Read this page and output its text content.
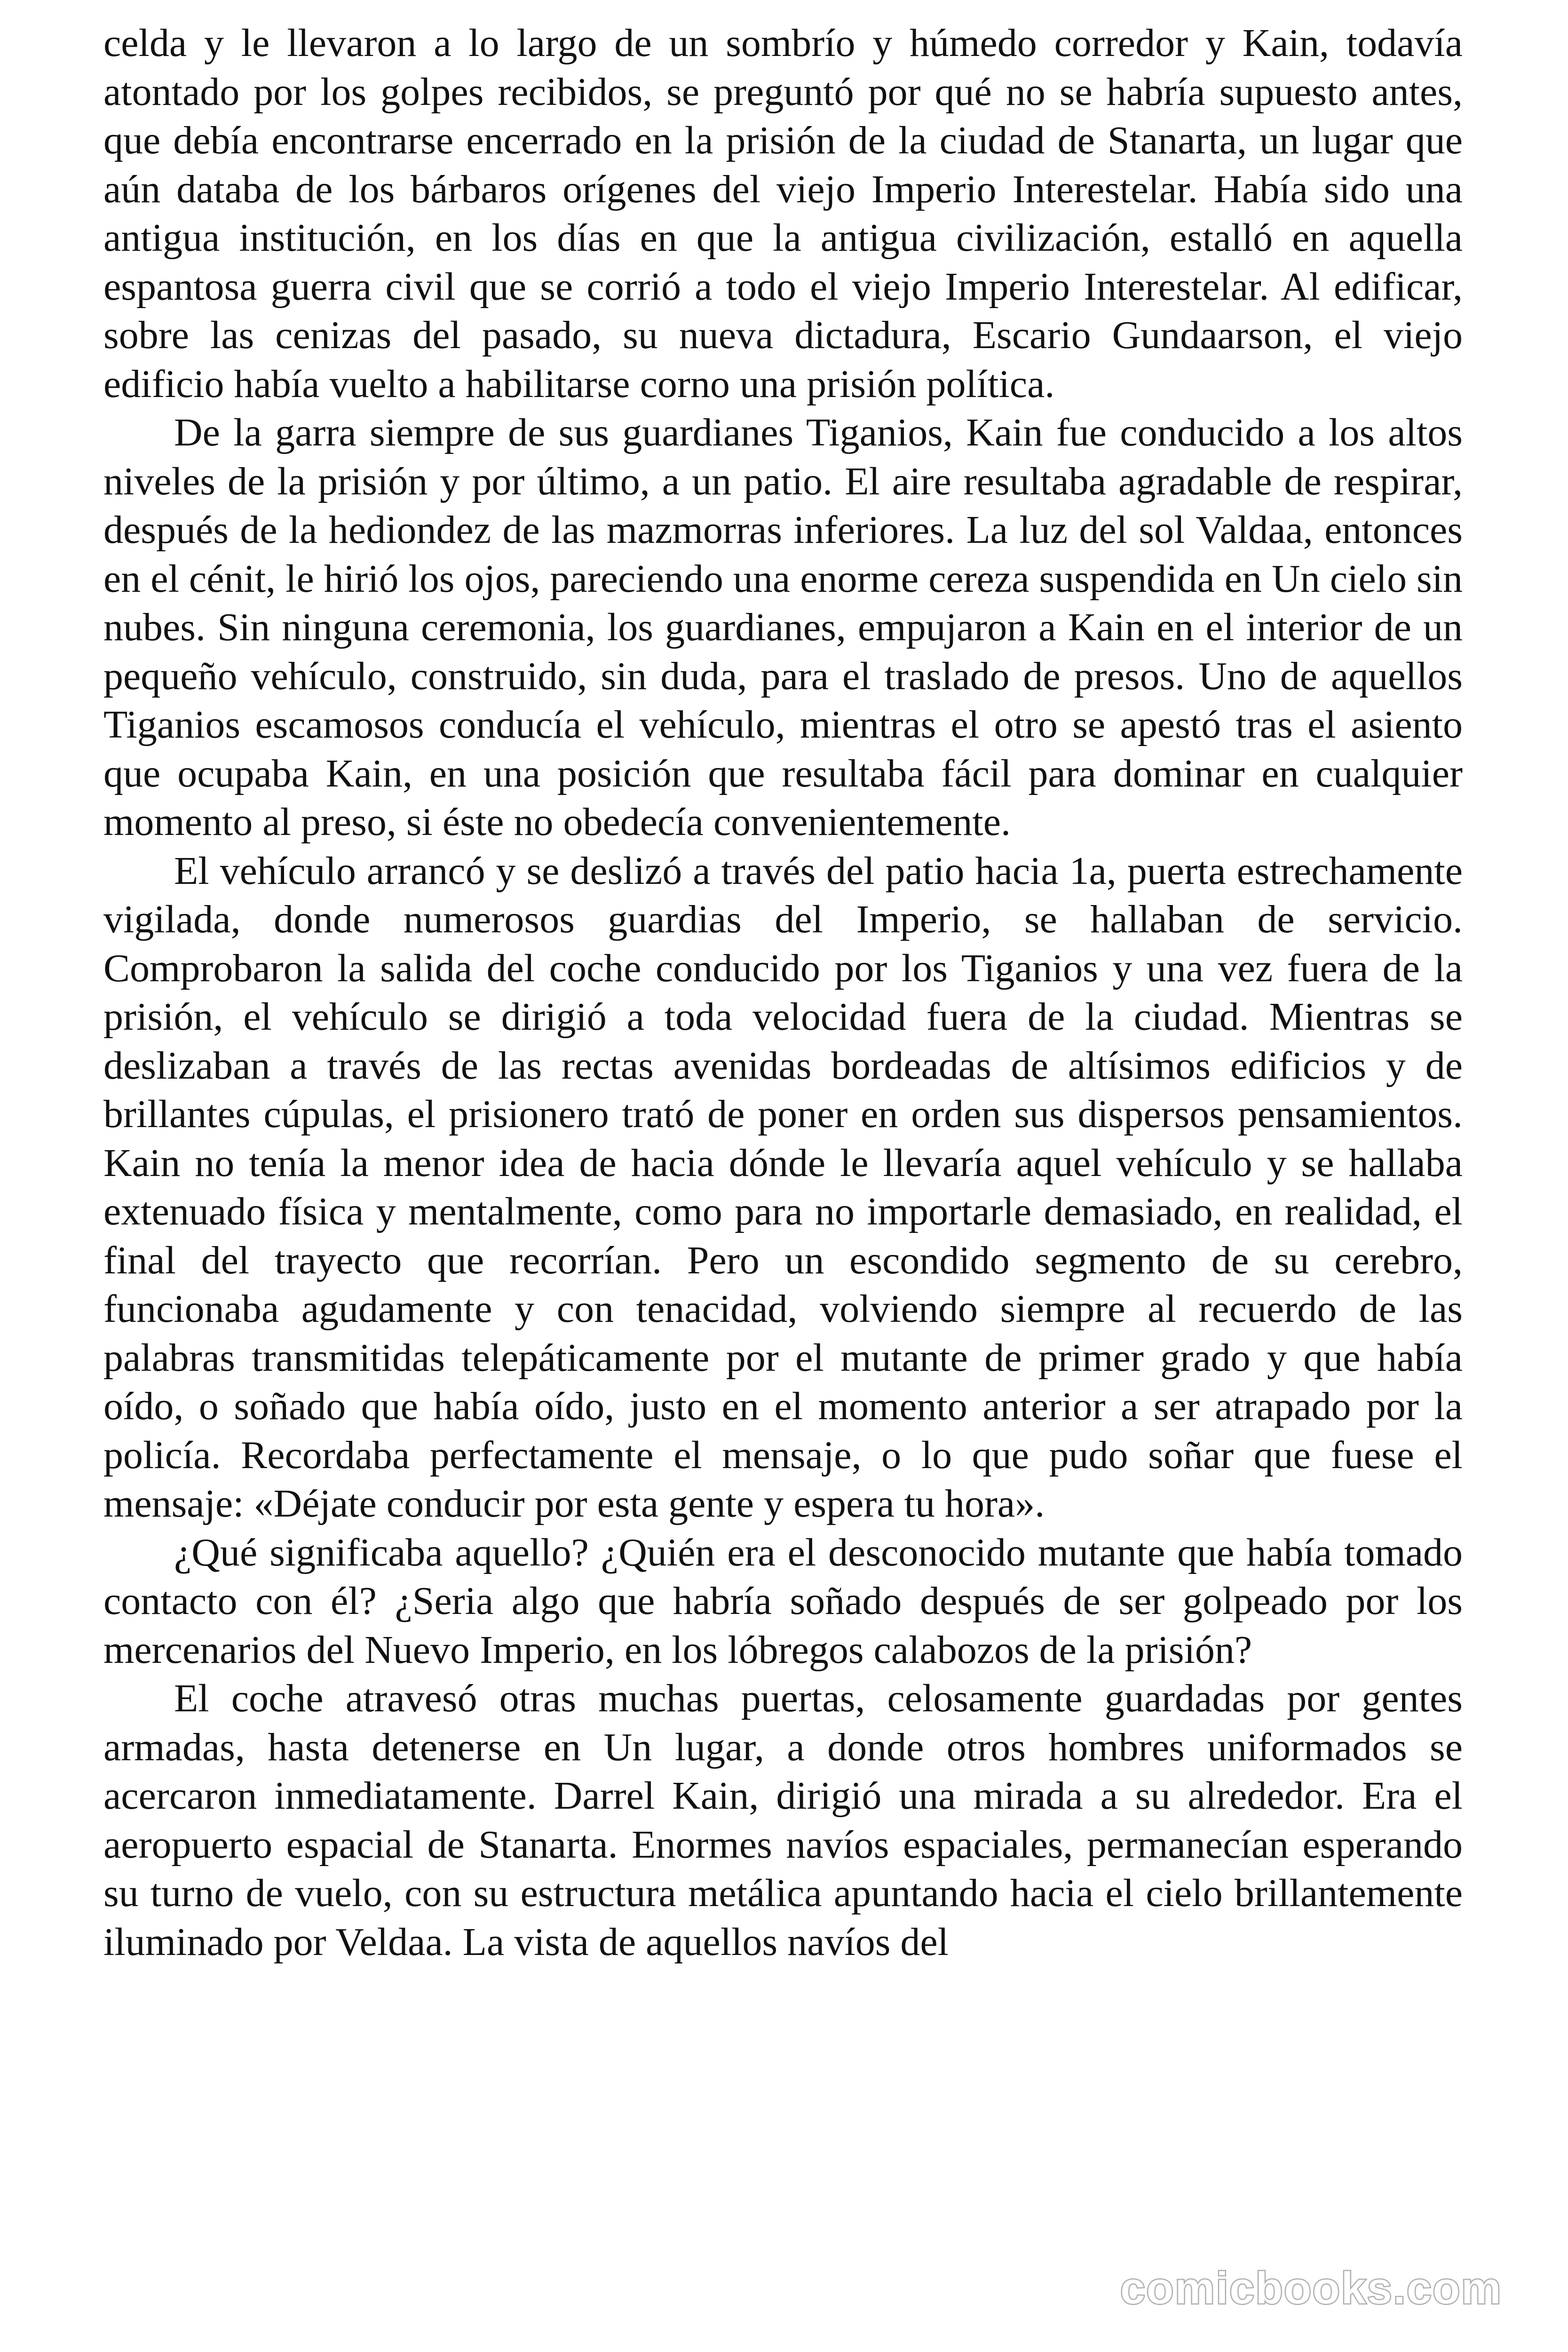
celda y le llevaron a lo largo de un sombrío y húmedo corredor y Kain, todavía atontado por los golpes recibidos, se preguntó por qué no se habría supuesto antes, que debía encontrarse encerrado en la prisión de la ciudad de Stanarta, un lugar que aún databa de los bárbaros orígenes del viejo Imperio Interestelar. Había sido una antigua institución, en los días en que la antigua civilización, estalló en aquella espantosa guerra civil que se corrió a todo el viejo Imperio Interestelar. Al edificar, sobre las cenizas del pasado, su nueva dictadura, Escario Gundaarson, el viejo edificio había vuelto a habilitarse corno una prisión política.

De la garra siempre de sus guardianes Tiganios, Kain fue conducido a los altos niveles de la prisión y por último, a un patio. El aire resultaba agradable de respirar, después de la hediondez de las mazmorras inferiores. La luz del sol Valdaa, entonces en el cénit, le hirió los ojos, pareciendo una enorme cereza suspendida en Un cielo sin nubes. Sin ninguna ceremonia, los guardianes, empujaron a Kain en el interior de un pequeño vehículo, construido, sin duda, para el traslado de presos. Uno de aquellos Tiganios escamosos conducía el vehículo, mientras el otro se apestó tras el asiento que ocupaba Kain, en una posición que resultaba fácil para dominar en cualquier momento al preso, si éste no obedecía convenientemente.

El vehículo arrancó y se deslizó a través del patio hacia 1a, puerta estrechamente vigilada, donde numerosos guardias del Imperio, se hallaban de servicio. Comprobaron la salida del coche conducido por los Tiganios y una vez fuera de la prisión, el vehículo se dirigió a toda velocidad fuera de la ciudad. Mientras se deslizaban a través de las rectas avenidas bordeadas de altísimos edificios y de brillantes cúpulas, el prisionero trató de poner en orden sus dispersos pensamientos. Kain no tenía la menor idea de hacia dónde le llevaría aquel vehículo y se hallaba extenuado física y mentalmente, como para no importarle demasiado, en realidad, el final del trayecto que recorrían. Pero un escondido segmento de su cerebro, funcionaba agudamente y con tenacidad, volviendo siempre al recuerdo de las palabras transmitidas telepáticamente por el mutante de primer grado y que había oído, o soñado que había oído, justo en el momento anterior a ser atrapado por la policía. Recordaba perfectamente el mensaje, o lo que pudo soñar que fuese el mensaje: «Déjate conducir por esta gente y espera tu hora».

¿Qué significaba aquello? ¿Quién era el desconocido mutante que había tomado contacto con él? ¿Seria algo que habría soñado después de ser golpeado por los mercenarios del Nuevo Imperio, en los lóbregos calabozos de la prisión?

El coche atravesó otras muchas puertas, celosamente guardadas por gentes armadas, hasta detenerse en Un lugar, a donde otros hombres uniformados se acercaron inmediatamente. Darrel Kain, dirigió una mirada a su alrededor. Era el aeropuerto espacial de Stanarta. Enormes navíos espaciales, permanecían esperando su turno de vuelo, con su estructura metálica apuntando hacia el cielo brillantemente iluminado por Veldaa. La vista de aquellos navíos del

comicbooks.com
